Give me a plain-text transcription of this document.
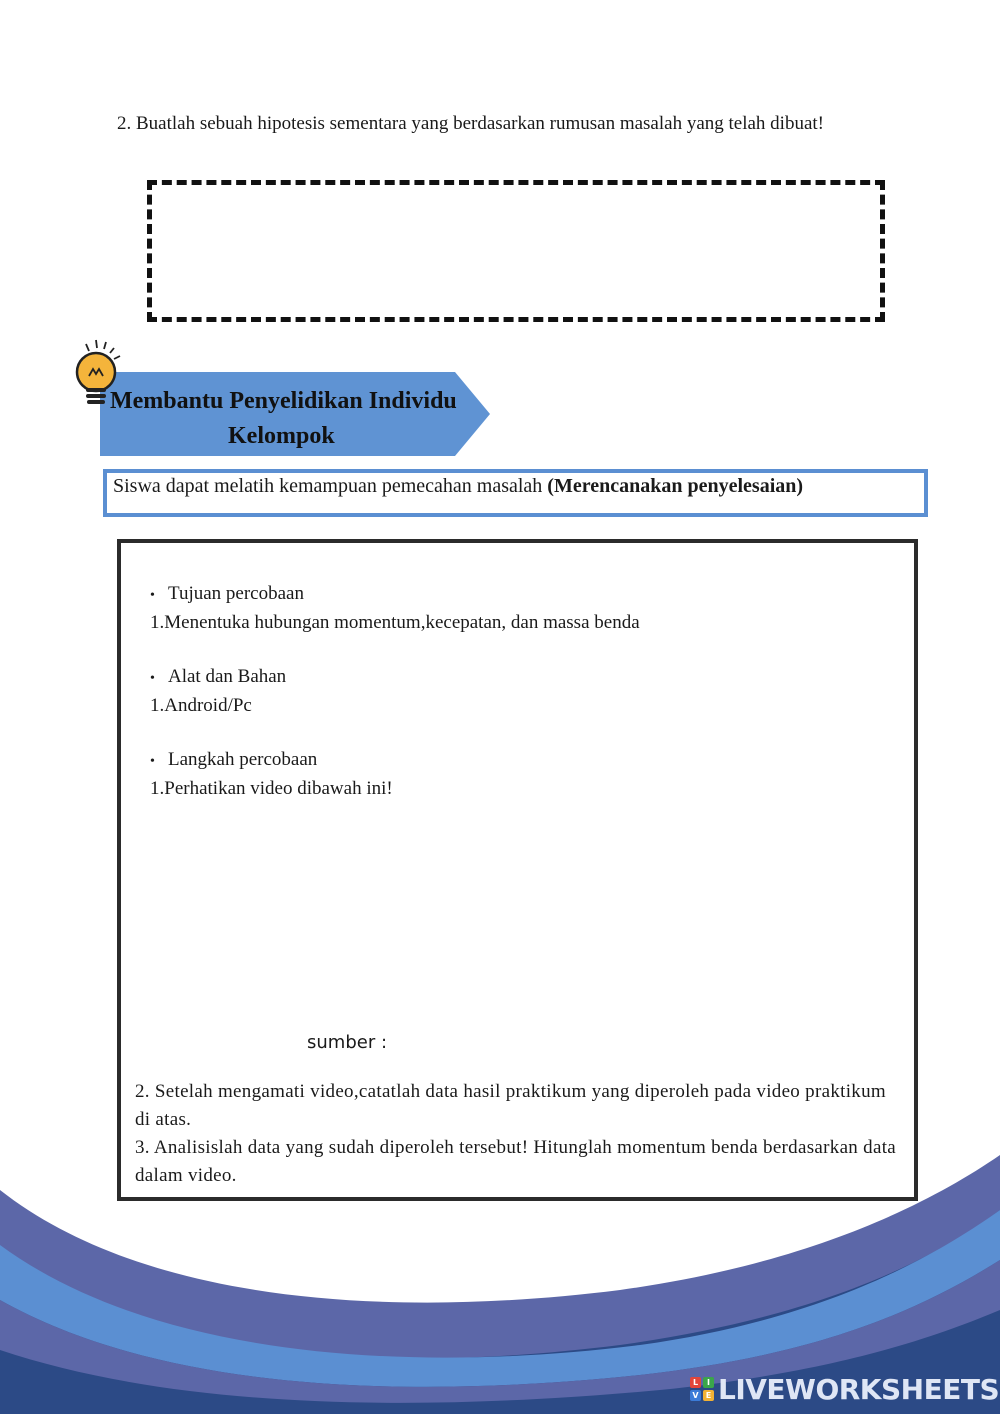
2. Buatlah sebuah hipotesis sementara yang berdasarkan rumusan masalah yang telah dibuat!
Membantu Penyelidikan Individu
Kelompok
Siswa dapat melatih kemampuan pemecahan masalah (Merencanakan penyelesaian)
• Tujuan percobaan
1.Menentuka hubungan momentum,kecepatan, dan massa benda
• Alat dan Bahan
1.Android/Pc
• Langkah percobaan
1.Perhatikan video dibawah ini!
sumber :
2. Setelah mengamati video,catatlah data hasil praktikum yang diperoleh pada video praktikum di atas.
3. Analisislah data yang sudah diperoleh tersebut! Hitunglah momentum benda berdasarkan data dalam video.
L	I
V E LIVEWORKSHEETS
